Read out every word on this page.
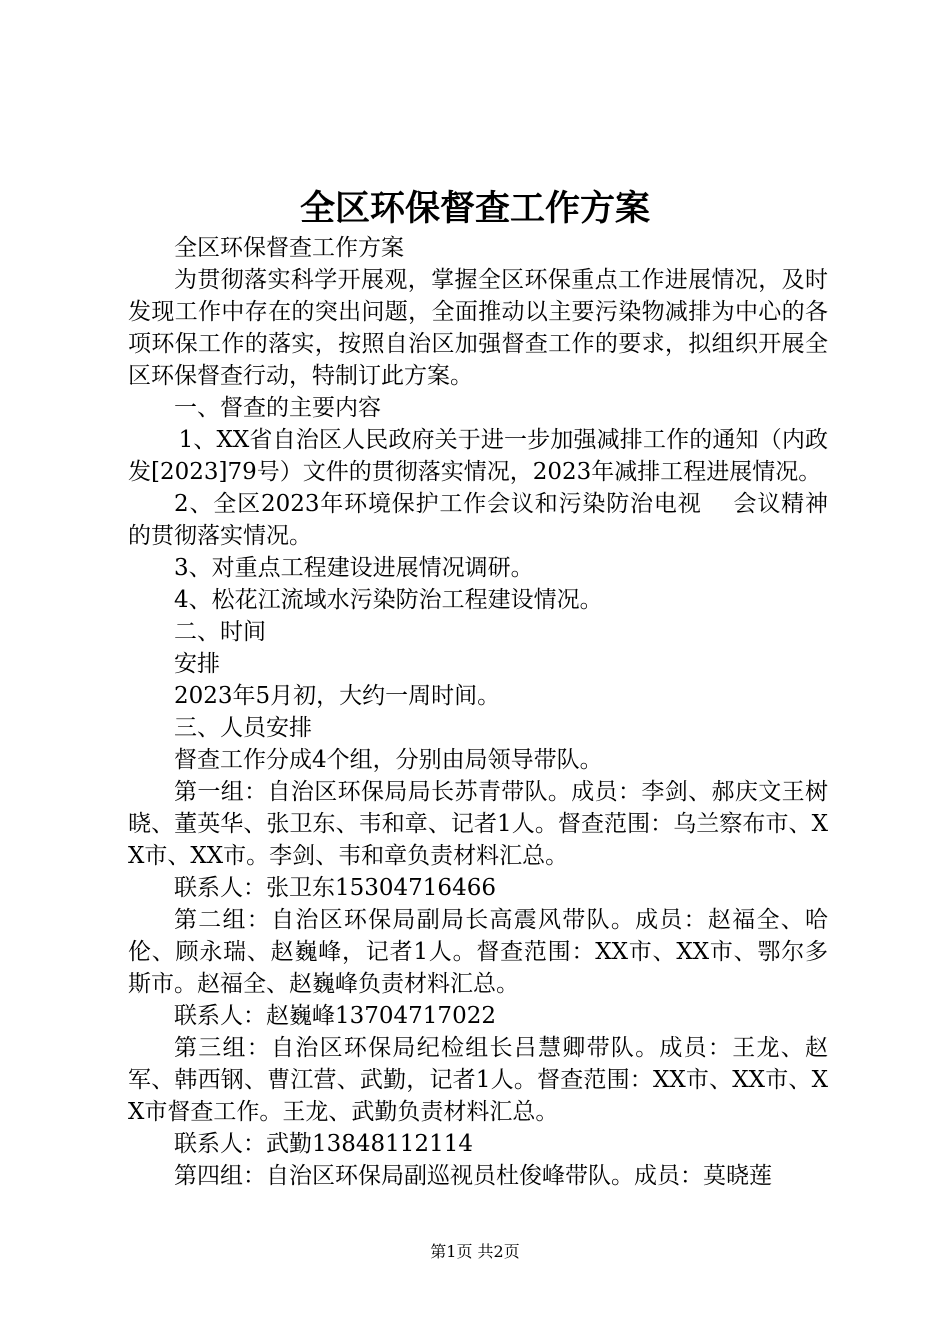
全区环保督查工作方案

全区环保督查工作方案

为贯彻落实科学开展观，掌握全区环保重点工作进展情况，及时发现工作中存在的突出问题，全面推动以主要污染物减排为中心的各项环保工作的落实，按照自治区加强督查工作的要求，拟组织开展全区环保督查行动，特制订此方案。

一、督查的主要内容

1、XX省自治区人民政府关于进一步加强减排工作的通知（内政发[2023]79号）文件的贯彻落实情况，2023年减排工程进展情况。

2、全区2023年环境保护工作会议和污染防治电视　 会议精神的贯彻落实情况。

3、对重点工程建设进展情况调研。

4、松花江流域水污染防治工程建设情况。

二、时间

安排

2023年5月初，大约一周时间。

三、人员安排

督查工作分成4个组，分别由局领导带队。

第一组：自治区环保局局长苏青带队。成员：李剑、郝庆文王树晓、董英华、张卫东、韦和章、记者1人。督查范围：乌兰察布市、XX市、XX市。李剑、韦和章负责材料汇总。

联系人：张卫东15304716466

第二组：自治区环保局副局长高震风带队。成员：赵福全、哈伦、顾永瑞、赵巍峰，记者1人。督查范围：XX市、XX市、鄂尔多斯市。赵福全、赵巍峰负责材料汇总。

联系人：赵巍峰13704717022

第三组：自治区环保局纪检组长吕慧卿带队。成员：王龙、赵军、韩西钢、曹江营、武勤，记者1人。督查范围：XX市、XX市、XX市督查工作。王龙、武勤负责材料汇总。

联系人：武勤13848112114

第四组：自治区环保局副巡视员杜俊峰带队。成员：莫晓莲

第1页 共2页
